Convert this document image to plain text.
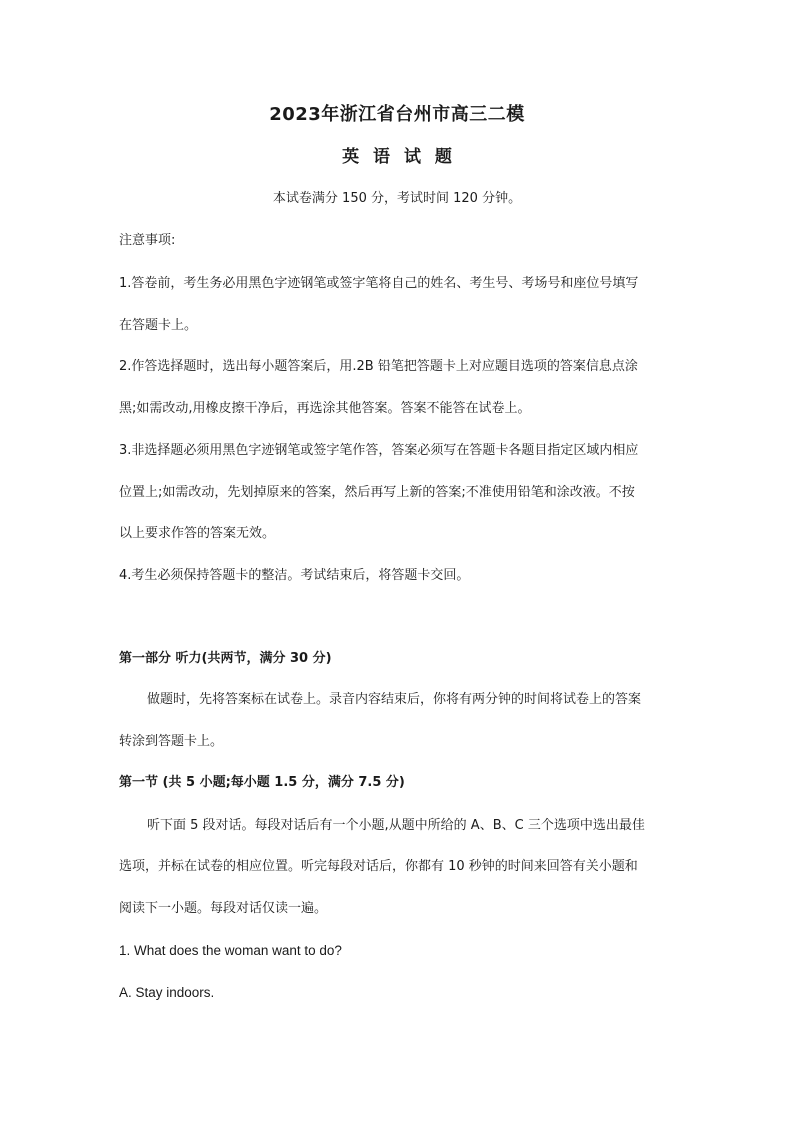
2023年浙江省台州市高三二模
英 语 试 题
本试卷满分 150 分，考试时间 120 分钟。
注意事项:
1.答卷前，考生务必用黑色字迹钢笔或签字笔将自己的姓名、考生号、考场号和座位号填写
在答题卡上。
2.作答选择题时，选出每小题答案后，用.2B 铅笔把答题卡上对应题目选项的答案信息点涂
黑;如需改动,用橡皮擦干净后，再选涂其他答案。答案不能答在试卷上。
3.非选择题必须用黑色字迹钢笔或签字笔作答，答案必须写在答题卡各题目指定区域内相应
位置上;如需改动，先划掉原来的答案，然后再写上新的答案;不准使用铅笔和涂改液。不按
以上要求作答的答案无效。
4.考生必须保持答题卡的整洁。考试结束后，将答题卡交回。
第一部分 听力(共两节，满分 30 分)
做题时，先将答案标在试卷上。录音内容结束后，你将有两分钟的时间将试卷上的答案
转涂到答题卡上。
第一节 (共 5 小题;每小题 1.5 分，满分 7.5 分)
听下面 5 段对话。每段对话后有一个小题,从题中所给的 A、B、C 三个选项中选出最佳
选项，并标在试卷的相应位置。听完每段对话后，你都有 10 秒钟的时间来回答有关小题和
阅读下一小题。每段对话仅读一遍。
1. What does the woman want to do?
A. Stay indoors.
